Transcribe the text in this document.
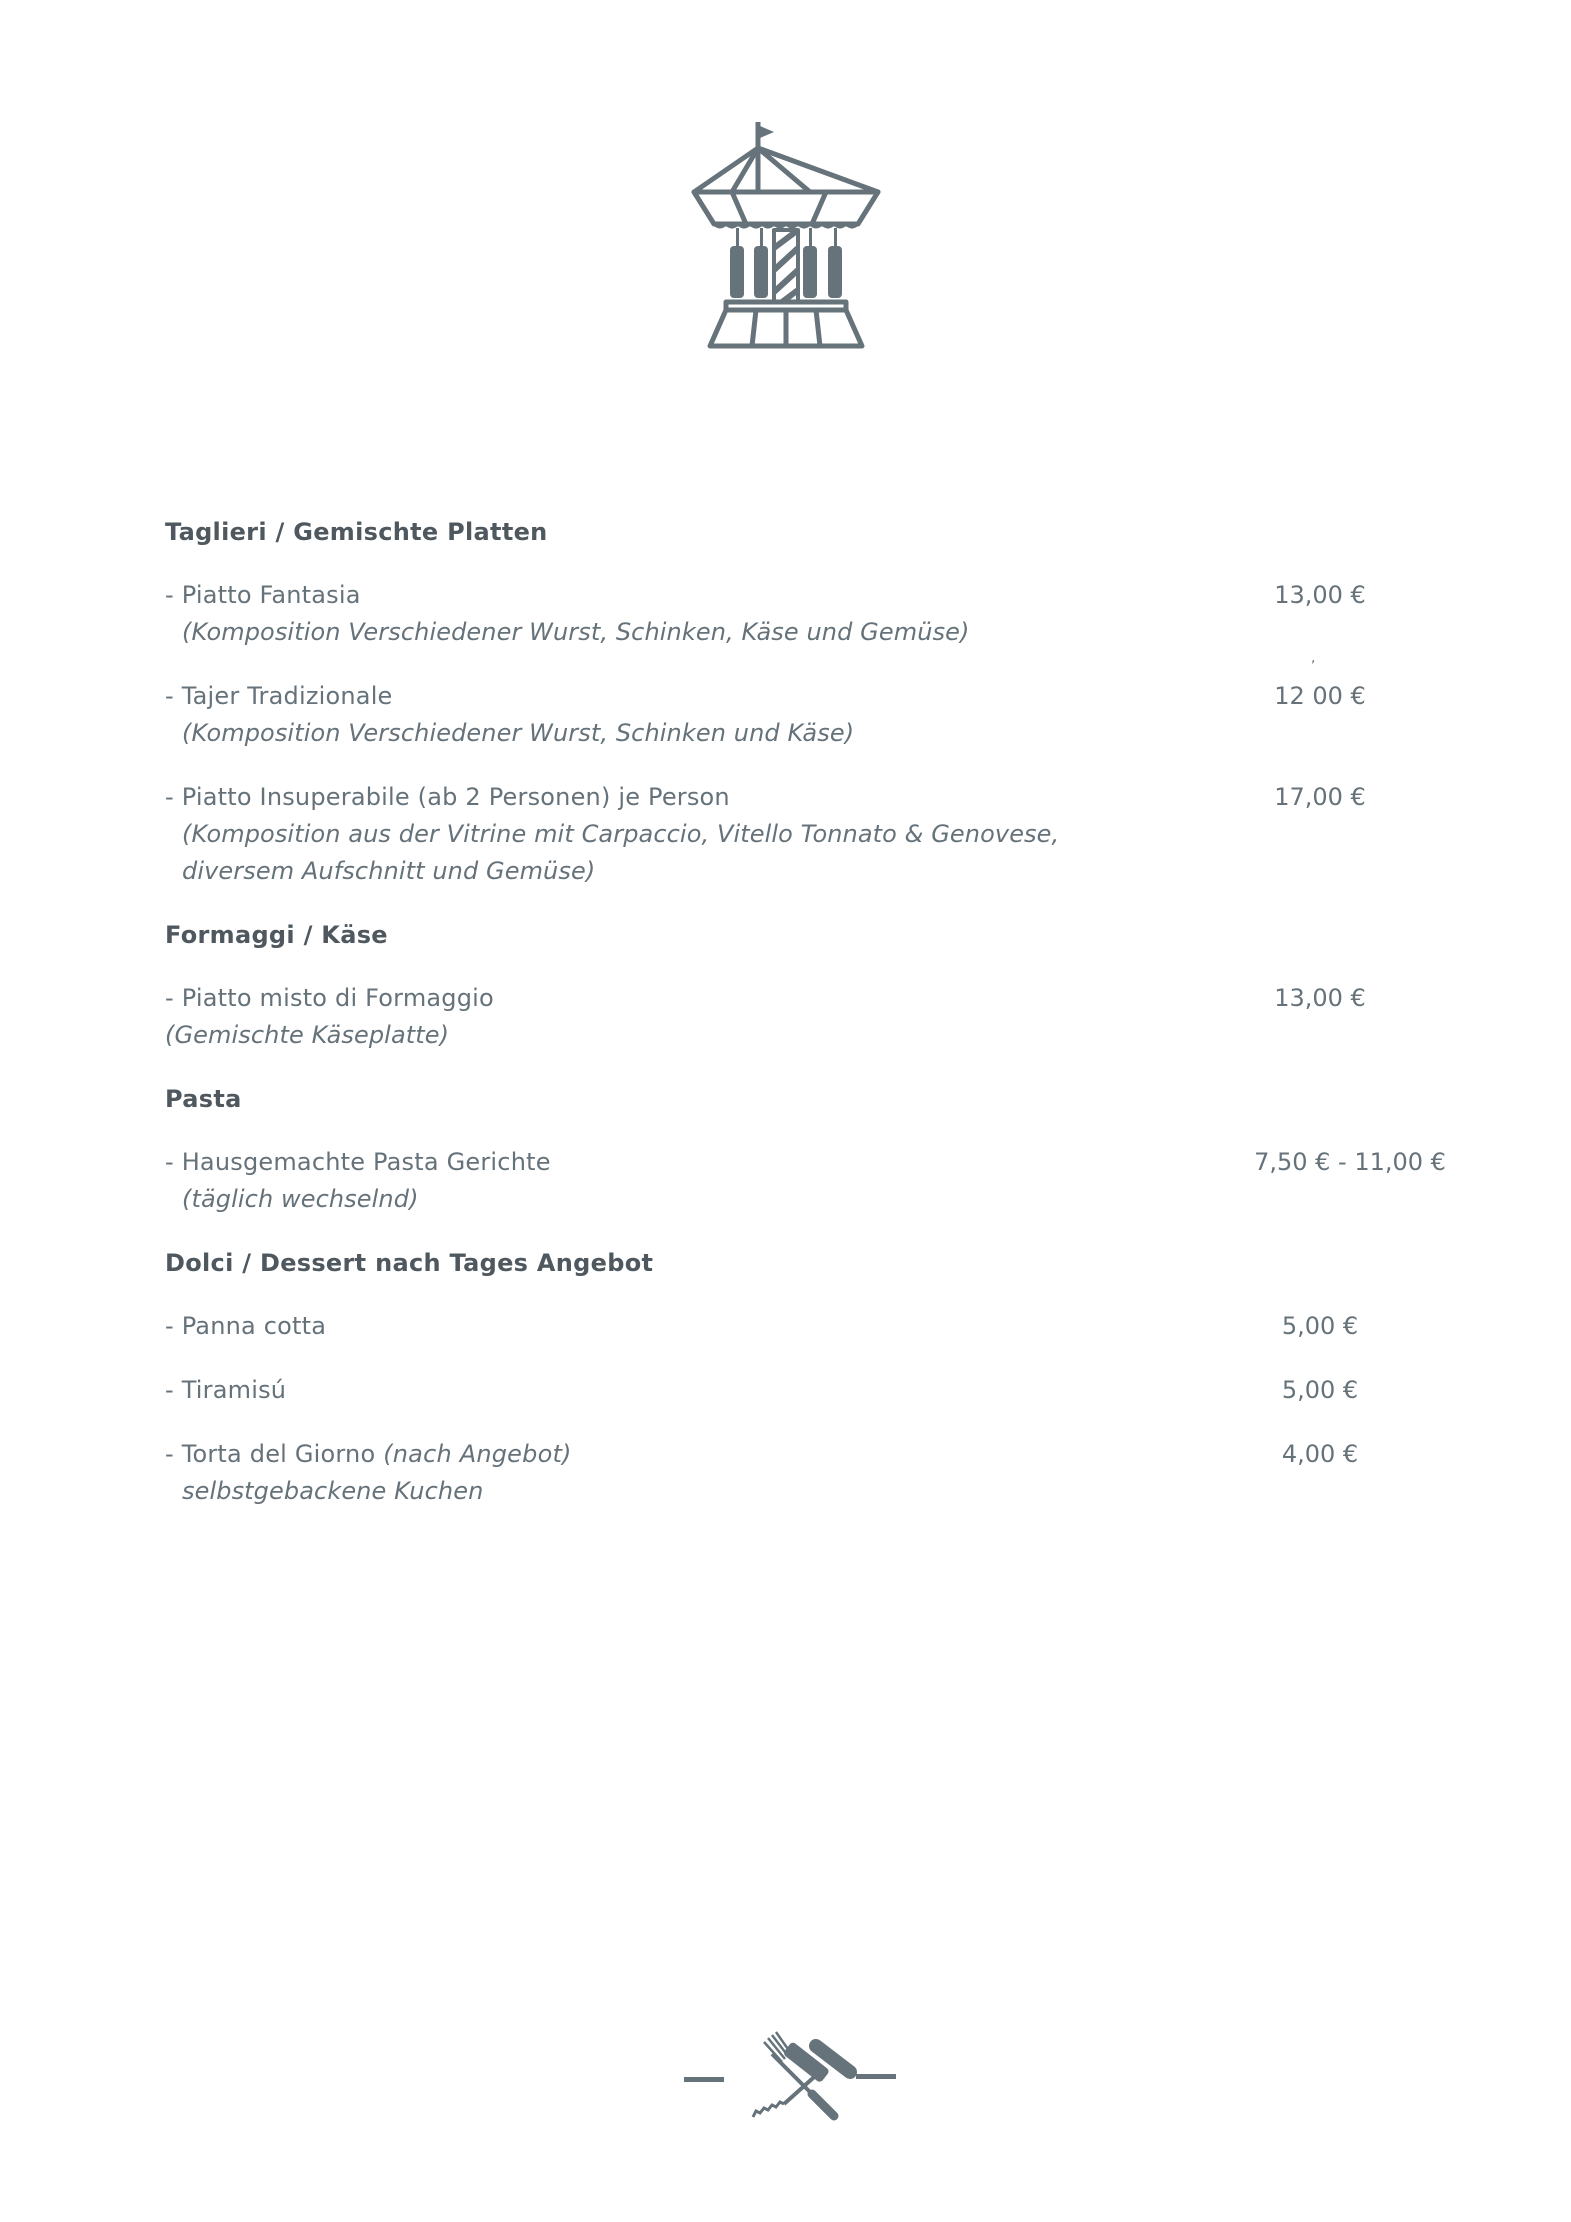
Taglieri / Gemischte Platten
- Piatto Fantasia
(Komposition Verschiedener Wurst, Schinken, Käse und Gemüse)
13,00 €
- Tajer Tradizionale
(Komposition Verschiedener Wurst, Schinken und Käse)
12 00 €
- Piatto Insuperabile (ab 2 Personen) je Person
(Komposition aus der Vitrine mit Carpaccio, Vitello Tonnato & Genovese,
diversem Aufschnitt und Gemüse)
17,00 €
Formaggi / Käse
- Piatto misto di Formaggio
(Gemischte Käseplatte)
13,00 €
Pasta
- Hausgemachte Pasta Gerichte
(täglich wechselnd)
7,50 € - 11,00 €
Dolci / Dessert nach Tages Angebot
- Panna cotta	5,00 €
- Tiramisú	5,00 €
- Torta del Giorno (nach Angebot)
selbstgebackene Kuchen
4,00 €
,
